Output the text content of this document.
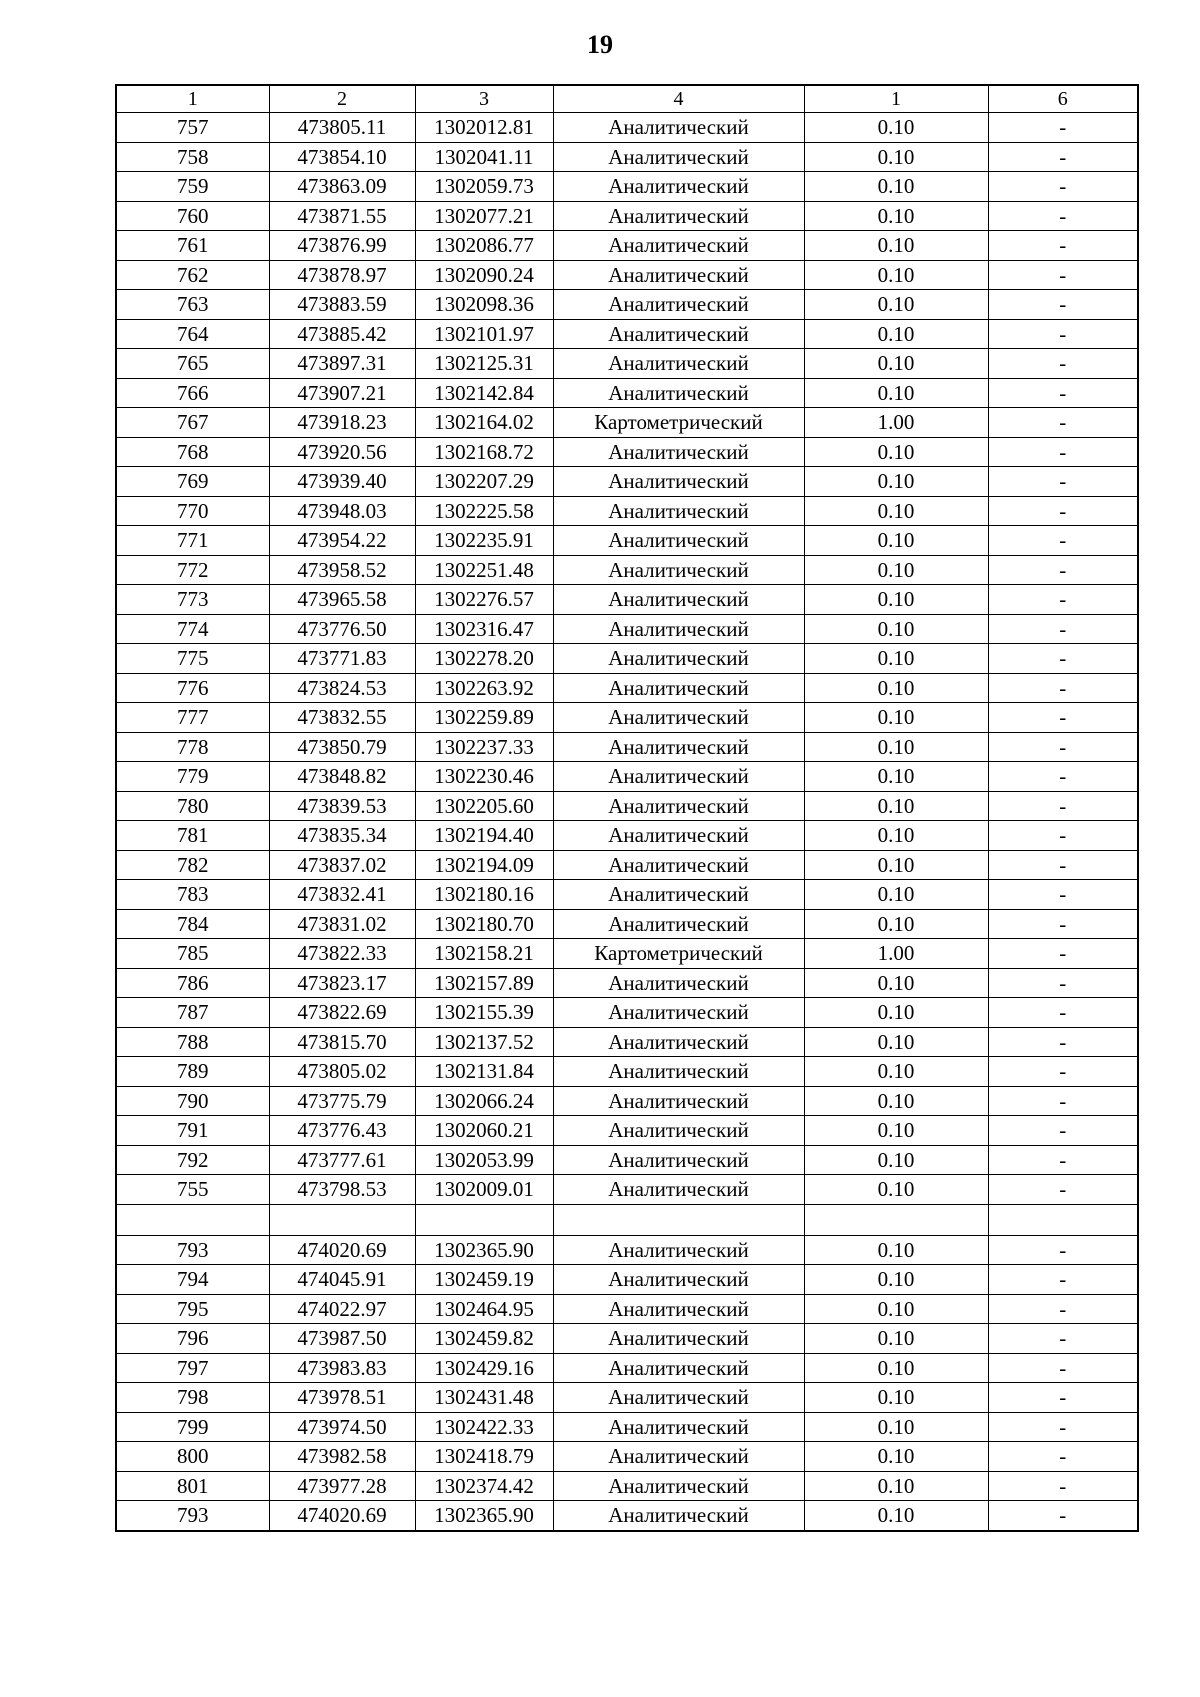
19
1	2	3	4	1	6
757	473805.11	1302012.81	Аналитический	0.10	-
758	473854.10	1302041.11	Аналитический	0.10	-
759	473863.09	1302059.73	Аналитический	0.10	-
760	473871.55	1302077.21	Аналитический	0.10	-
761	473876.99	1302086.77	Аналитический	0.10	-
762	473878.97	1302090.24	Аналитический	0.10	-
763	473883.59	1302098.36	Аналитический	0.10	-
764	473885.42	1302101.97	Аналитический	0.10	-
765	473897.31	1302125.31	Аналитический	0.10	-
766	473907.21	1302142.84	Аналитический	0.10	-
767	473918.23	1302164.02	Картометрический	1.00	-
768	473920.56	1302168.72	Аналитический	0.10	-
769	473939.40	1302207.29	Аналитический	0.10	-
770	473948.03	1302225.58	Аналитический	0.10	-
771	473954.22	1302235.91	Аналитический	0.10	-
772	473958.52	1302251.48	Аналитический	0.10	-
773	473965.58	1302276.57	Аналитический	0.10	-
774	473776.50	1302316.47	Аналитический	0.10	-
775	473771.83	1302278.20	Аналитический	0.10	-
776	473824.53	1302263.92	Аналитический	0.10	-
777	473832.55	1302259.89	Аналитический	0.10	-
778	473850.79	1302237.33	Аналитический	0.10	-
779	473848.82	1302230.46	Аналитический	0.10	-
780	473839.53	1302205.60	Аналитический	0.10	-
781	473835.34	1302194.40	Аналитический	0.10	-
782	473837.02	1302194.09	Аналитический	0.10	-
783	473832.41	1302180.16	Аналитический	0.10	-
784	473831.02	1302180.70	Аналитический	0.10	-
785	473822.33	1302158.21	Картометрический	1.00	-
786	473823.17	1302157.89	Аналитический	0.10	-
787	473822.69	1302155.39	Аналитический	0.10	-
788	473815.70	1302137.52	Аналитический	0.10	-
789	473805.02	1302131.84	Аналитический	0.10	-
790	473775.79	1302066.24	Аналитический	0.10	-
791	473776.43	1302060.21	Аналитический	0.10	-
792	473777.61	1302053.99	Аналитический	0.10	-
755	473798.53	1302009.01	Аналитический	0.10	-

793	474020.69	1302365.90	Аналитический	0.10	-
794	474045.91	1302459.19	Аналитический	0.10	-
795	474022.97	1302464.95	Аналитический	0.10	-
796	473987.50	1302459.82	Аналитический	0.10	-
797	473983.83	1302429.16	Аналитический	0.10	-
798	473978.51	1302431.48	Аналитический	0.10	-
799	473974.50	1302422.33	Аналитический	0.10	-
800	473982.58	1302418.79	Аналитический	0.10	-
801	473977.28	1302374.42	Аналитический	0.10	-
793	474020.69	1302365.90	Аналитический	0.10	-
